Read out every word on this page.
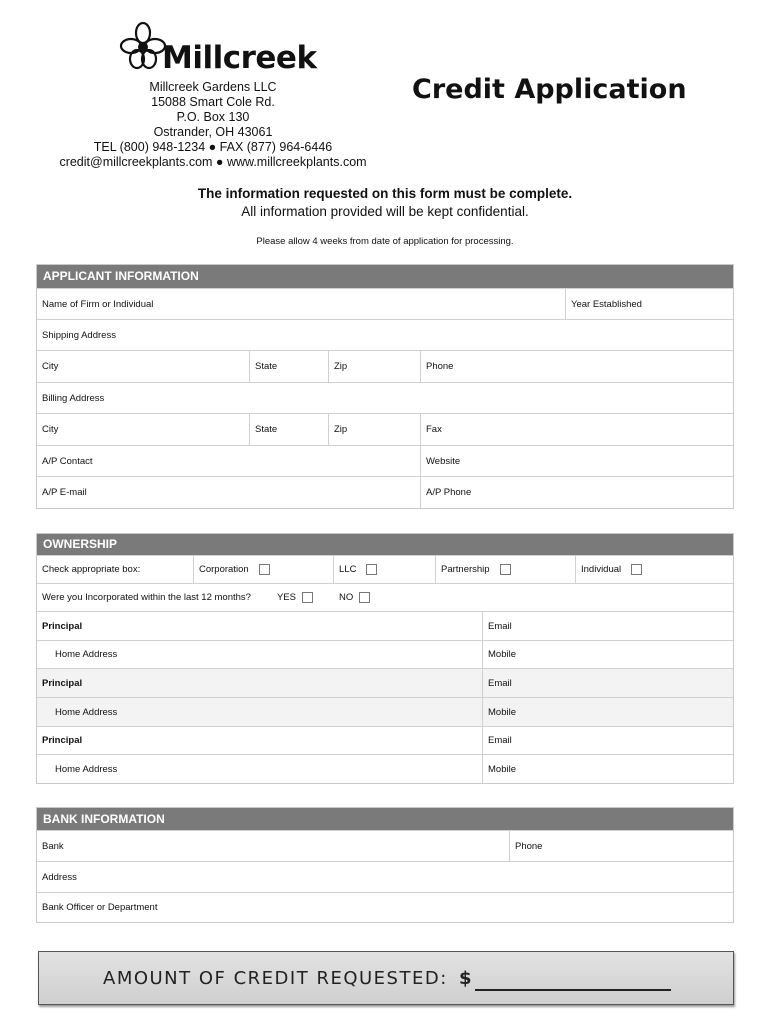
Millcreek
Millcreek Gardens LLC
15088 Smart Cole Rd.
P.O. Box 130
Ostrander, OH 43061
TEL (800) 948-1234 ● FAX (877) 964-6446
credit@millcreekplants.com ● www.millcreekplants.com
Credit Application
The information requested on this form must be complete.
All information provided will be kept confidential.
Please allow 4 weeks from date of application for processing.
APPLICANT INFORMATION
Name of Firm or Individual	Year Established
Shipping Address
City	State	Zip	Phone
Billing Address
City	State	Zip	Fax
A/P Contact	Website
A/P E-mail	A/P Phone
OWNERSHIP
Check appropriate box:	Corporation	LLC	Partnership	Individual
Were you Incorporated within the last 12 months?	YES	NO
Principal	Email
Home Address	Mobile
Principal	Email
Home Address	Mobile
Principal	Email
Home Address	Mobile
BANK INFORMATION
Bank	Phone
Address
Bank Officer or Department
AMOUNT OF CREDIT REQUESTED: $
